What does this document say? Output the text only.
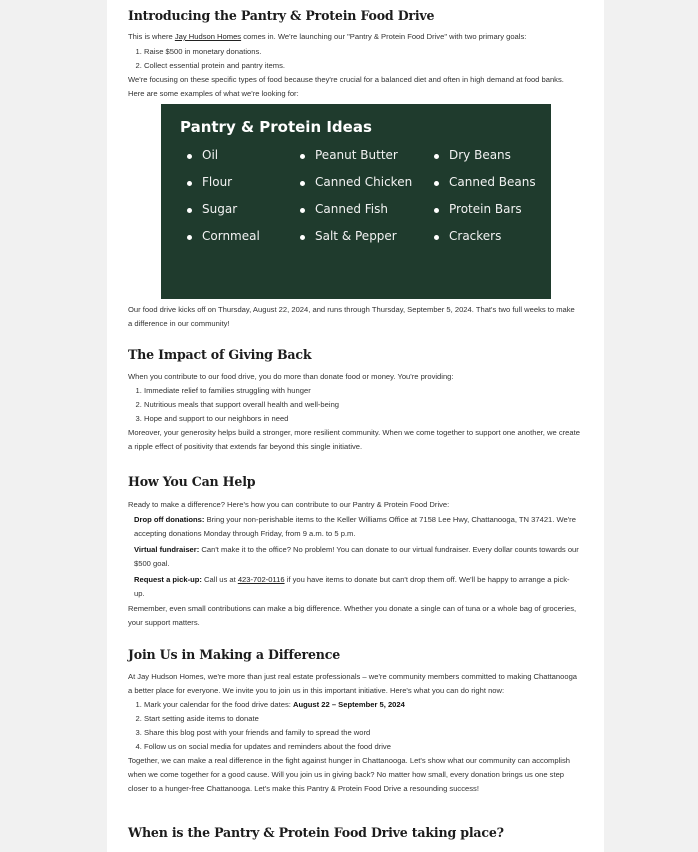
Introducing the Pantry & Protein Food Drive

This is where Jay Hudson Homes comes in. We're launching our "Pantry & Protein Food Drive" with two primary goals:

1. Raise $500 in monetary donations.
2. Collect essential protein and pantry items.

We're focusing on these specific types of food because they're crucial for a balanced diet and often in high demand at food banks. Here are some examples of what we're looking for:

Pantry & Protein Ideas
Oil
Flour
Sugar
Cornmeal
Peanut Butter
Canned Chicken
Canned Fish
Salt & Pepper
Dry Beans
Canned Beans
Protein Bars
Crackers

Our food drive kicks off on Thursday, August 22, 2024, and runs through Thursday, September 5, 2024. That's two full weeks to make a difference in our community!

The Impact of Giving Back

When you contribute to our food drive, you do more than donate food or money. You're providing:

1. Immediate relief to families struggling with hunger
2. Nutritious meals that support overall health and well-being
3. Hope and support to our neighbors in need

Moreover, your generosity helps build a stronger, more resilient community. When we come together to support one another, we create a ripple effect of positivity that extends far beyond this single initiative.

How You Can Help

Ready to make a difference? Here's how you can contribute to our Pantry & Protein Food Drive:

Drop off donations: Bring your non-perishable items to the Keller Williams Office at 7158 Lee Hwy, Chattanooga, TN 37421. We're accepting donations Monday through Friday, from 9 a.m. to 5 p.m.

Virtual fundraiser: Can't make it to the office? No problem! You can donate to our virtual fundraiser. Every dollar counts towards our $500 goal.

Request a pick-up: Call us at 423-702-0116 if you have items to donate but can't drop them off. We'll be happy to arrange a pick-up.

Remember, even small contributions can make a big difference. Whether you donate a single can of tuna or a whole bag of groceries, your support matters.

Join Us in Making a Difference

At Jay Hudson Homes, we're more than just real estate professionals – we're community members committed to making Chattanooga a better place for everyone. We invite you to join us in this important initiative. Here's what you can do right now:

1. Mark your calendar for the food drive dates: August 22 – September 5, 2024
2. Start setting aside items to donate
3. Share this blog post with your friends and family to spread the word
4. Follow us on social media for updates and reminders about the food drive

Together, we can make a real difference in the fight against hunger in Chattanooga. Let's show what our community can accomplish when we come together for a good cause. Will you join us in giving back? No matter how small, every donation brings us one step closer to a hunger-free Chattanooga. Let's make this Pantry & Protein Food Drive a resounding success!

When is the Pantry & Protein Food Drive taking place?
